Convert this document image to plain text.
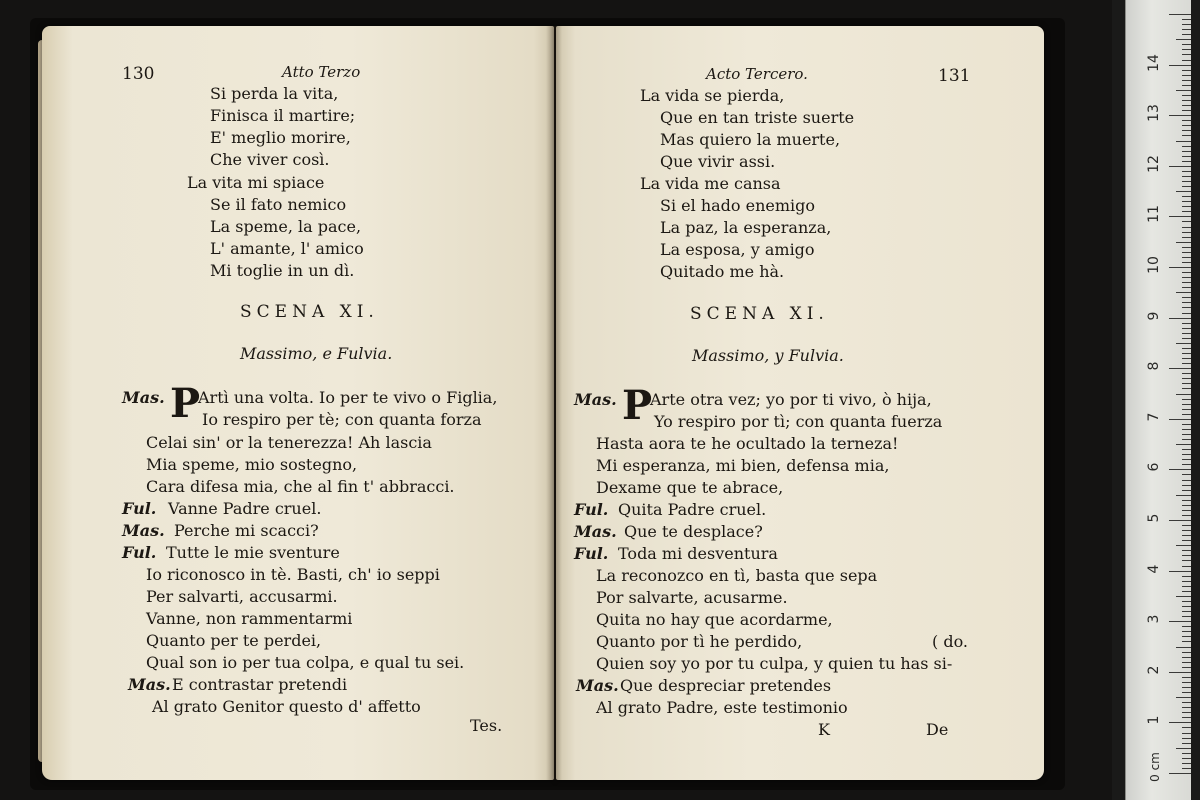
130	Atto Terzo
Si perda la vita,
Finisca il martire;
E' meglio morire,
Che viver così.
La vita mi spiace
Se il fato nemico
La speme, la pace,
L' amante, l' amico
Mi toglie in un dì.
SCENA XI.
Massimo, e Fulvia.
P
Mas. Artì una volta. Io per te vivo o Figlia,
Io respiro per tè; con quanta forza
Celai sin' or la tenerezza! Ah lascia
Mia speme, mio sostegno,
Cara difesa mia, che al fin t' abbracci.
Ful. Vanne Padre cruel.
Mas. Perche mi scacci?
Ful. Tutte le mie sventure
Io riconosco in tè. Basti, ch' io seppi
Per salvarti, accusarmi.
Vanne, non rammentarmi
Quanto per te perdei,
Qual son io per tua colpa, e qual tu sei.
Mas. E contrastar pretendi
Al grato Genitor questo d' affetto
Tes.
Acto Tercero.	131
La vida se pierda,
Que en tan triste suerte
Mas quiero la muerte,
Que vivir assi.
La vida me cansa
Si el hado enemigo
La paz, la esperanza,
La esposa, y amigo
Quitado me hà.
SCENA XI.
Massimo, y Fulvia.
P
Mas. Arte otra vez; yo por ti vivo, ò hija,
Yo respiro por tì; con quanta fuerza
Hasta aora te he ocultado la terneza!
Mi esperanza, mi bien, defensa mia,
Dexame que te abrace,
Ful. Quita Padre cruel.
Mas. Que te desplace?
Ful. Toda mi desventura
La reconozco en tì, basta que sepa
Por salvarte, acusarme.
Quita no hay que acordarme,
Quanto por tì he perdido,	( do.
Quien soy yo por tu culpa, y quien tu has si-
Mas. Que despreciar pretendes
Al grato Padre, este testimonio
K	De
0 cm
1
2
3
4
5
6
7
8
9
10
11
12
13
14
